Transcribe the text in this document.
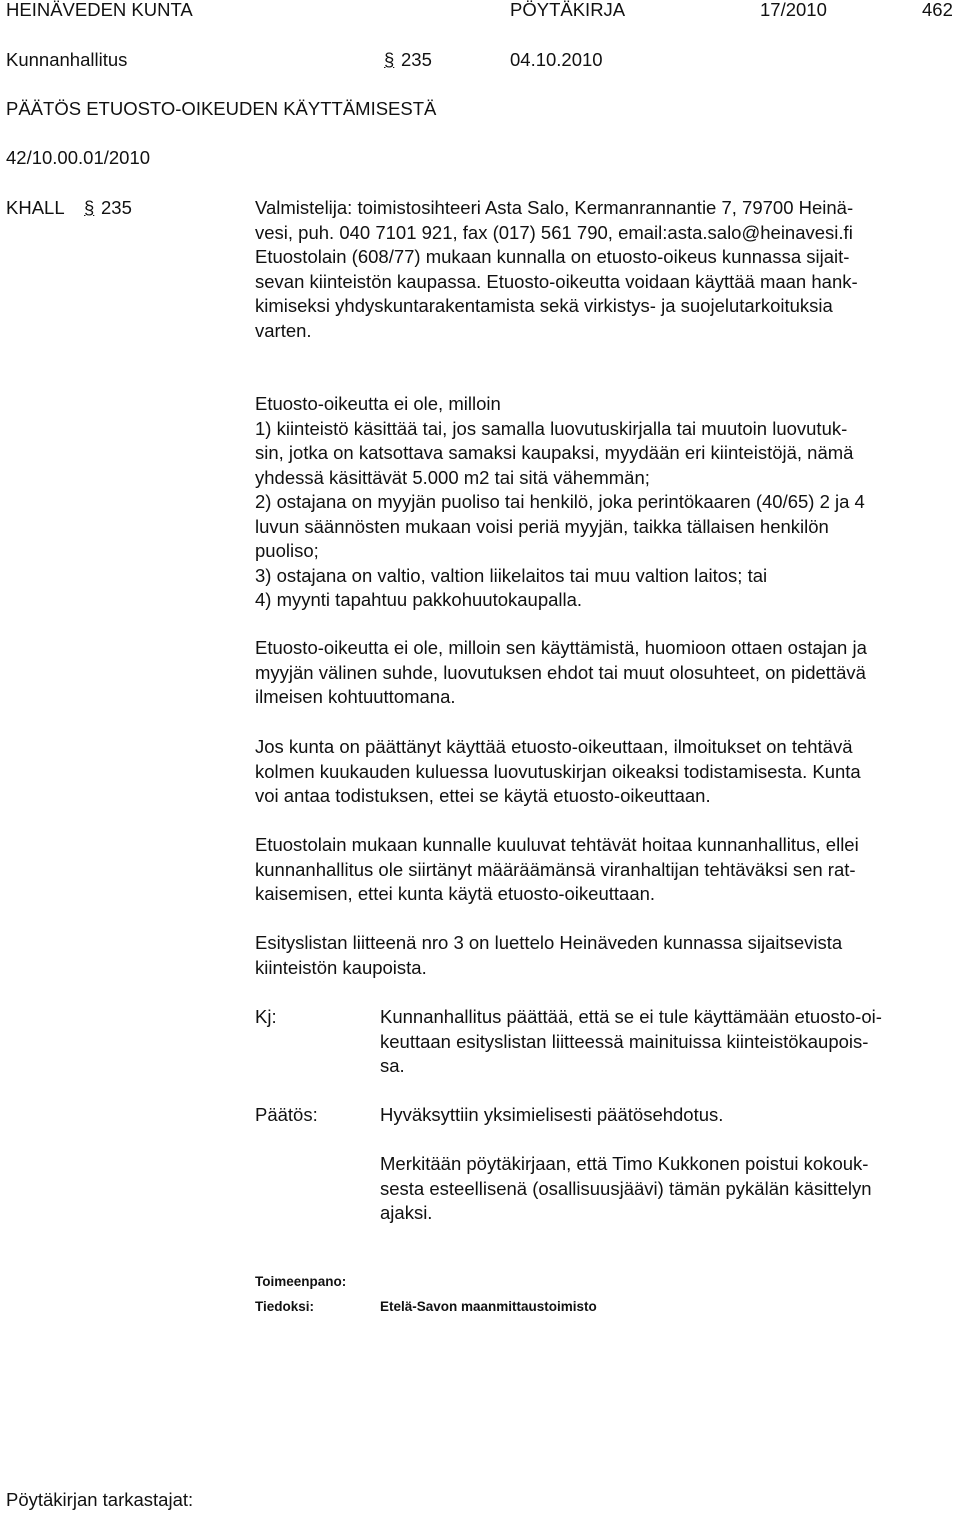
HEINÄVEDEN KUNTA	PÖYTÄKIRJA	17/2010	462
Kunnanhallitus	§ 235	04.10.2010
PÄÄTÖS ETUOSTO-OIKEUDEN KÄYTTÄMISESTÄ
42/10.00.01/2010
KHALL § 235	Valmistelija: toimistosihteeri Asta Salo, Kermanrannantie 7, 79700 Heinä-
vesi, puh. 040 7101 921, fax (017) 561 790, email:asta.salo@heinavesi.fi
Etuostolain (608/77) mukaan kunnalla on etuosto-oikeus kunnassa sijait-
sevan kiinteistön kaupassa. Etuosto-oikeutta voidaan käyttää maan hank-
kimiseksi yhdyskuntarakentamista sekä virkistys- ja suojelutarkoituksia
varten.
Etuosto-oikeutta ei ole, milloin
1) kiinteistö käsittää tai, jos samalla luovutuskirjalla tai muutoin luovutuk-
sin, jotka on katsottava samaksi kaupaksi, myydään eri kiinteistöjä, nämä
yhdessä käsittävät 5.000 m2 tai sitä vähemmän;
2) ostajana on myyjän puoliso tai henkilö, joka perintökaaren (40/65) 2 ja 4
luvun säännösten mukaan voisi periä myyjän, taikka tällaisen henkilön
puoliso;
3) ostajana on valtio, valtion liikelaitos tai muu valtion laitos; tai
4) myynti tapahtuu pakkohuutokaupalla.
Etuosto-oikeutta ei ole, milloin sen käyttämistä, huomioon ottaen ostajan ja
myyjän välinen suhde, luovutuksen ehdot tai muut olosuhteet, on pidettävä
ilmeisen kohtuuttomana.
Jos kunta on päättänyt käyttää etuosto-oikeuttaan, ilmoitukset on tehtävä
kolmen kuukauden kuluessa luovutuskirjan oikeaksi todistamisesta. Kunta
voi antaa todistuksen, ettei se käytä etuosto-oikeuttaan.
Etuostolain mukaan kunnalle kuuluvat tehtävät hoitaa kunnanhallitus, ellei
kunnanhallitus ole siirtänyt määräämänsä viranhaltijan tehtäväksi sen rat-
kaisemisen, ettei kunta käytä etuosto-oikeuttaan.
Esityslistan liitteenä nro 3 on luettelo Heinäveden kunnassa sijaitsevista
kiinteistön kaupoista.
Kj:	Kunnanhallitus päättää, että se ei tule käyttämään etuosto-oi-
keuttaan esityslistan liitteessä mainituissa kiinteistökaupois-
sa.
Päätös:	Hyväksyttiin yksimielisesti päätösehdotus.
Merkitään pöytäkirjaan, että Timo Kukkonen poistui kokouk-
sesta esteellisenä (osallisuusjäävi) tämän pykälän käsittelyn
ajaksi.
Toimeenpano:
Tiedoksi:	Etelä-Savon maanmittaustoimisto
Pöytäkirjan tarkastajat:
